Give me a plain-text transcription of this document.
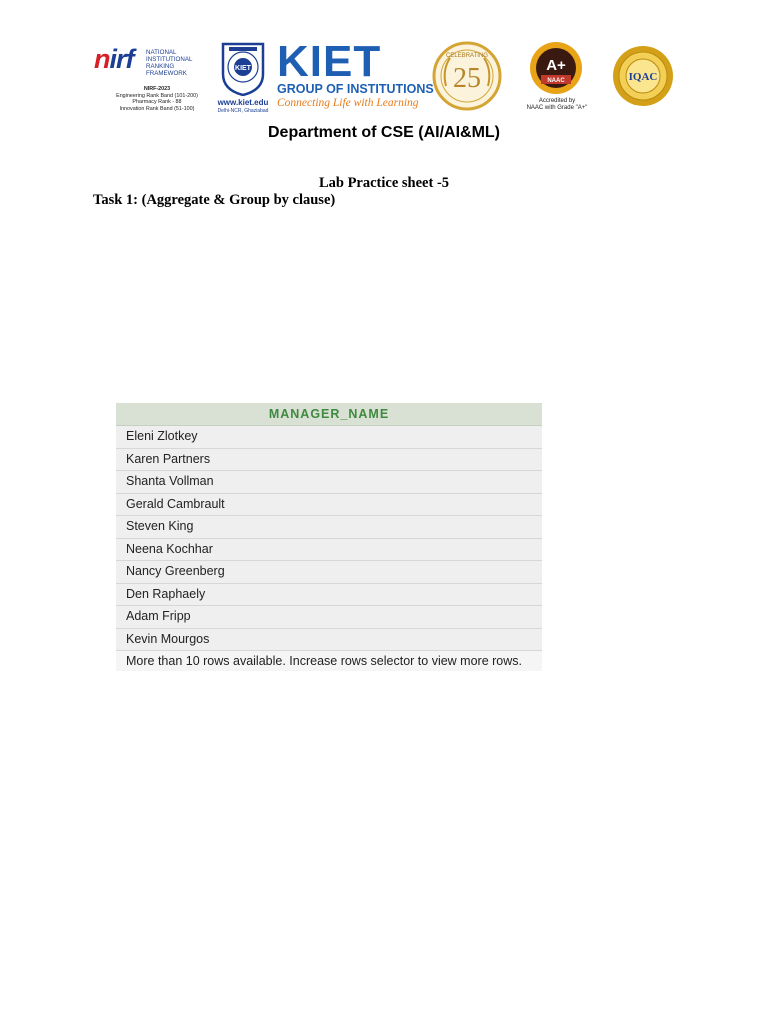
nirf NATIONAL
INSTITUTIONAL
RANKING
FRAMEWORK
NIRF-2023
Engineering Rank Band (101-200)
Pharmacy Rank - 88
Innovation Rank Band (51-100)
KIET
www.kiet.edu
Delhi-NCR, Ghaziabad
KIET
GROUP OF INSTITUTIONS
Connecting Life with Learning
CELEBRATING
25	A+
NAAC
Accredited by
NAAC with Grade "A+"
IQAC
Department of CSE (AI/AI&ML)
Lab Practice sheet -5
Task 1: (Aggregate & Group by clause)
MANAGER_NAME
Eleni Zlotkey
Karen Partners
Shanta Vollman
Gerald Cambrault
Steven King
Neena Kochhar
Nancy Greenberg
Den Raphaely
Adam Fripp
Kevin Mourgos
More than 10 rows available. Increase rows selector to view more rows.
